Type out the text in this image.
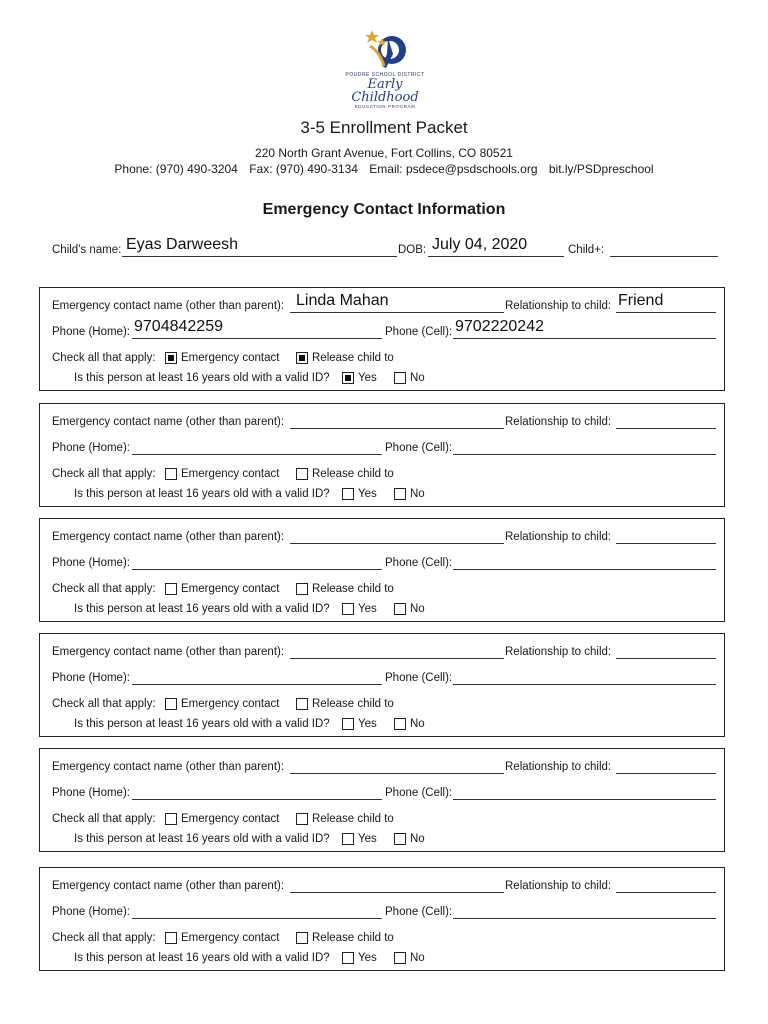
POUDRE SCHOOL DISTRICT
Early Childhood
EDUCATION PROGRAM
3-5 Enrollment Packet
220 North Grant Avenue, Fort Collins, CO 80521
Phone: (970) 490-3204 Fax: (970) 490-3134 Email: psdece@psdschools.org bit.ly/PSDpreschool
Emergency Contact Information
Child's name: Eyas Darweesh	DOB: July 04, 2020	Child+:
Emergency contact name (other than parent): Linda Mahan	Relationship to child: Friend
Phone (Home): 9704842259	Phone (Cell): 9702220242
Check all that apply: Emergency contact	Release child to
Is this person at least 16 years old with a valid ID? Yes	No
Emergency contact name (other than parent):	Relationship to child:
Phone (Home):	Phone (Cell):
Check all that apply: Emergency contact	Release child to
Is this person at least 16 years old with a valid ID? Yes	No
Emergency contact name (other than parent):	Relationship to child:
Phone (Home):	Phone (Cell):
Check all that apply: Emergency contact	Release child to
Is this person at least 16 years old with a valid ID? Yes	No
Emergency contact name (other than parent):	Relationship to child:
Phone (Home):	Phone (Cell):
Check all that apply: Emergency contact	Release child to
Is this person at least 16 years old with a valid ID? Yes	No
Emergency contact name (other than parent):	Relationship to child:
Phone (Home):	Phone (Cell):
Check all that apply: Emergency contact	Release child to
Is this person at least 16 years old with a valid ID? Yes	No
Emergency contact name (other than parent):	Relationship to child:
Phone (Home):	Phone (Cell):
Check all that apply: Emergency contact	Release child to
Is this person at least 16 years old with a valid ID? Yes	No
